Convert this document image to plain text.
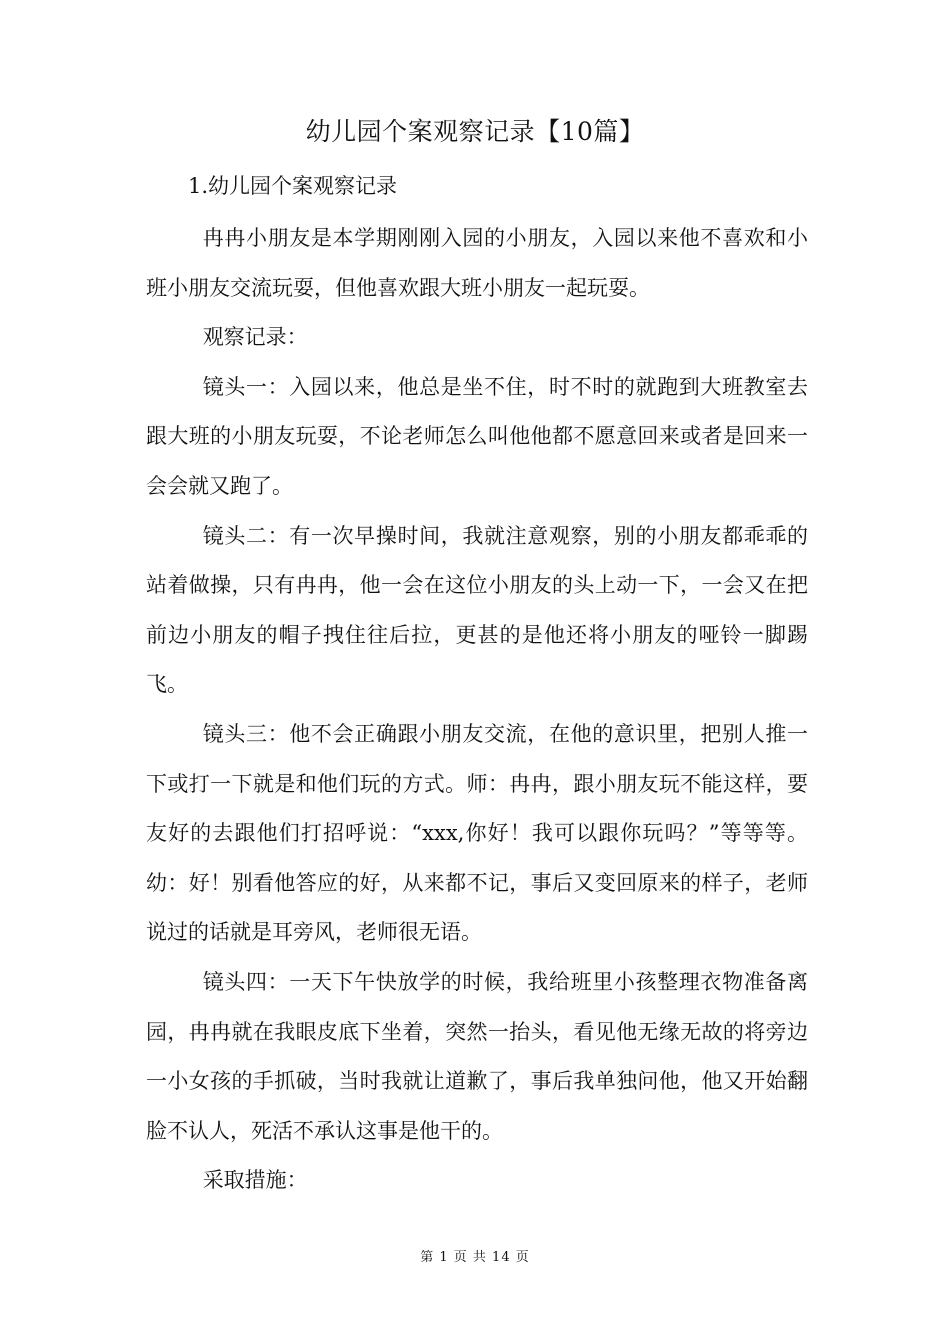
幼儿园个案观察记录【10篇】
1.幼儿园个案观察记录

冉冉小朋友是本学期刚刚入园的小朋友，入园以来他不喜欢和小班小朋友交流玩耍，但他喜欢跟大班小朋友一起玩耍。

观察记录：

镜头一：入园以来，他总是坐不住，时不时的就跑到大班教室去跟大班的小朋友玩耍，不论老师怎么叫他他都不愿意回来或者是回来一会会就又跑了。

镜头二：有一次早操时间，我就注意观察，别的小朋友都乖乖的站着做操，只有冉冉，他一会在这位小朋友的头上动一下，一会又在把前边小朋友的帽子拽住往后拉，更甚的是他还将小朋友的哑铃一脚踢飞。

镜头三：他不会正确跟小朋友交流，在他的意识里，把别人推一下或打一下就是和他们玩的方式。师：冉冉，跟小朋友玩不能这样，要友好的去跟他们打招呼说：“xxx,你好！我可以跟你玩吗？”等等等。幼：好！别看他答应的好，从来都不记，事后又变回原来的样子，老师说过的话就是耳旁风，老师很无语。

镜头四：一天下午快放学的时候，我给班里小孩整理衣物准备离园，冉冉就在我眼皮底下坐着，突然一抬头，看见他无缘无故的将旁边一小女孩的手抓破，当时我就让道歉了，事后我单独问他，他又开始翻脸不认人，死活不承认这事是他干的。

采取措施：

第 1 页 共 14 页
